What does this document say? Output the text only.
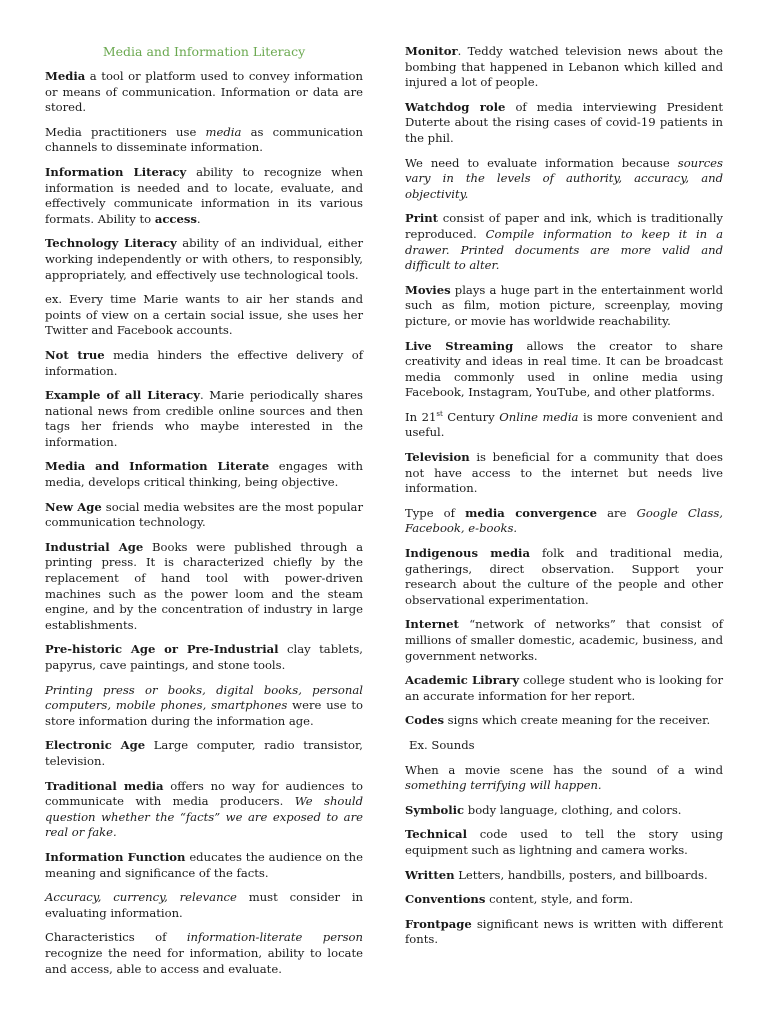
Media and Information Literacy

Media a tool or platform used to convey information or means of communication. Information or data are stored.

Media practitioners use media as communication channels to disseminate information.

Information Literacy ability to recognize when information is needed and to locate, evaluate, and effectively communicate information in its various formats. Ability to access.

Technology Literacy ability of an individual, either working independently or with others, to responsibly, appropriately, and effectively use technological tools.

ex. Every time Marie wants to air her stands and points of view on a certain social issue, she uses her Twitter and Facebook accounts.

Not true media hinders the effective delivery of information.

Example of all Literacy. Marie periodically shares national news from credible online sources and then tags her friends who maybe interested in the information.

Media and Information Literate engages with media, develops critical thinking, being objective.

New Age social media websites are the most popular communication technology.

Industrial Age Books were published through a printing press. It is characterized chiefly by the replacement of hand tool with power-driven machines such as the power loom and the steam engine, and by the concentration of industry in large establishments.

Pre-historic Age or Pre-Industrial clay tablets, papyrus, cave paintings, and stone tools.

Printing press or books, digital books, personal computers, mobile phones, smartphones were use to store information during the information age.

Electronic Age Large computer, radio transistor, television.

Traditional media offers no way for audiences to communicate with media producers. We should question whether the “facts” we are exposed to are real or fake.

Information Function educates the audience on the meaning and significance of the facts.

Accuracy, currency, relevance must consider in evaluating information.

Characteristics of information-literate person recognize the need for information, ability to locate and access, able to access and evaluate.

Monitor. Teddy watched television news about the bombing that happened in Lebanon which killed and injured a lot of people.

Watchdog role of media interviewing President Duterte about the rising cases of covid-19 patients in the phil.

We need to evaluate information because sources vary in the levels of authority, accuracy, and objectivity.

Print consist of paper and ink, which is traditionally reproduced. Compile information to keep it in a drawer. Printed documents are more valid and difficult to alter.

Movies plays a huge part in the entertainment world such as film, motion picture, screenplay, moving picture, or movie has worldwide reachability.

Live Streaming allows the creator to share creativity and ideas in real time. It can be broadcast media commonly used in online media using Facebook, Instagram, YouTube, and other platforms.

In 21st Century Online media is more convenient and useful.

Television is beneficial for a community that does not have access to the internet but needs live information.

Type of media convergence are Google Class, Facebook, e-books.

Indigenous media folk and traditional media, gatherings, direct observation. Support your research about the culture of the people and other observational experimentation.

Internet “network of networks” that consist of millions of smaller domestic, academic, business, and government networks.

Academic Library college student who is looking for an accurate information for her report.

Codes signs which create meaning for the receiver.

Ex. Sounds

When a movie scene has the sound of a wind something terrifying will happen.

Symbolic body language, clothing, and colors.

Technical code used to tell the story using equipment such as lightning and camera works.

Written Letters, handbills, posters, and billboards.

Conventions content, style, and form.

Frontpage significant news is written with different fonts.
